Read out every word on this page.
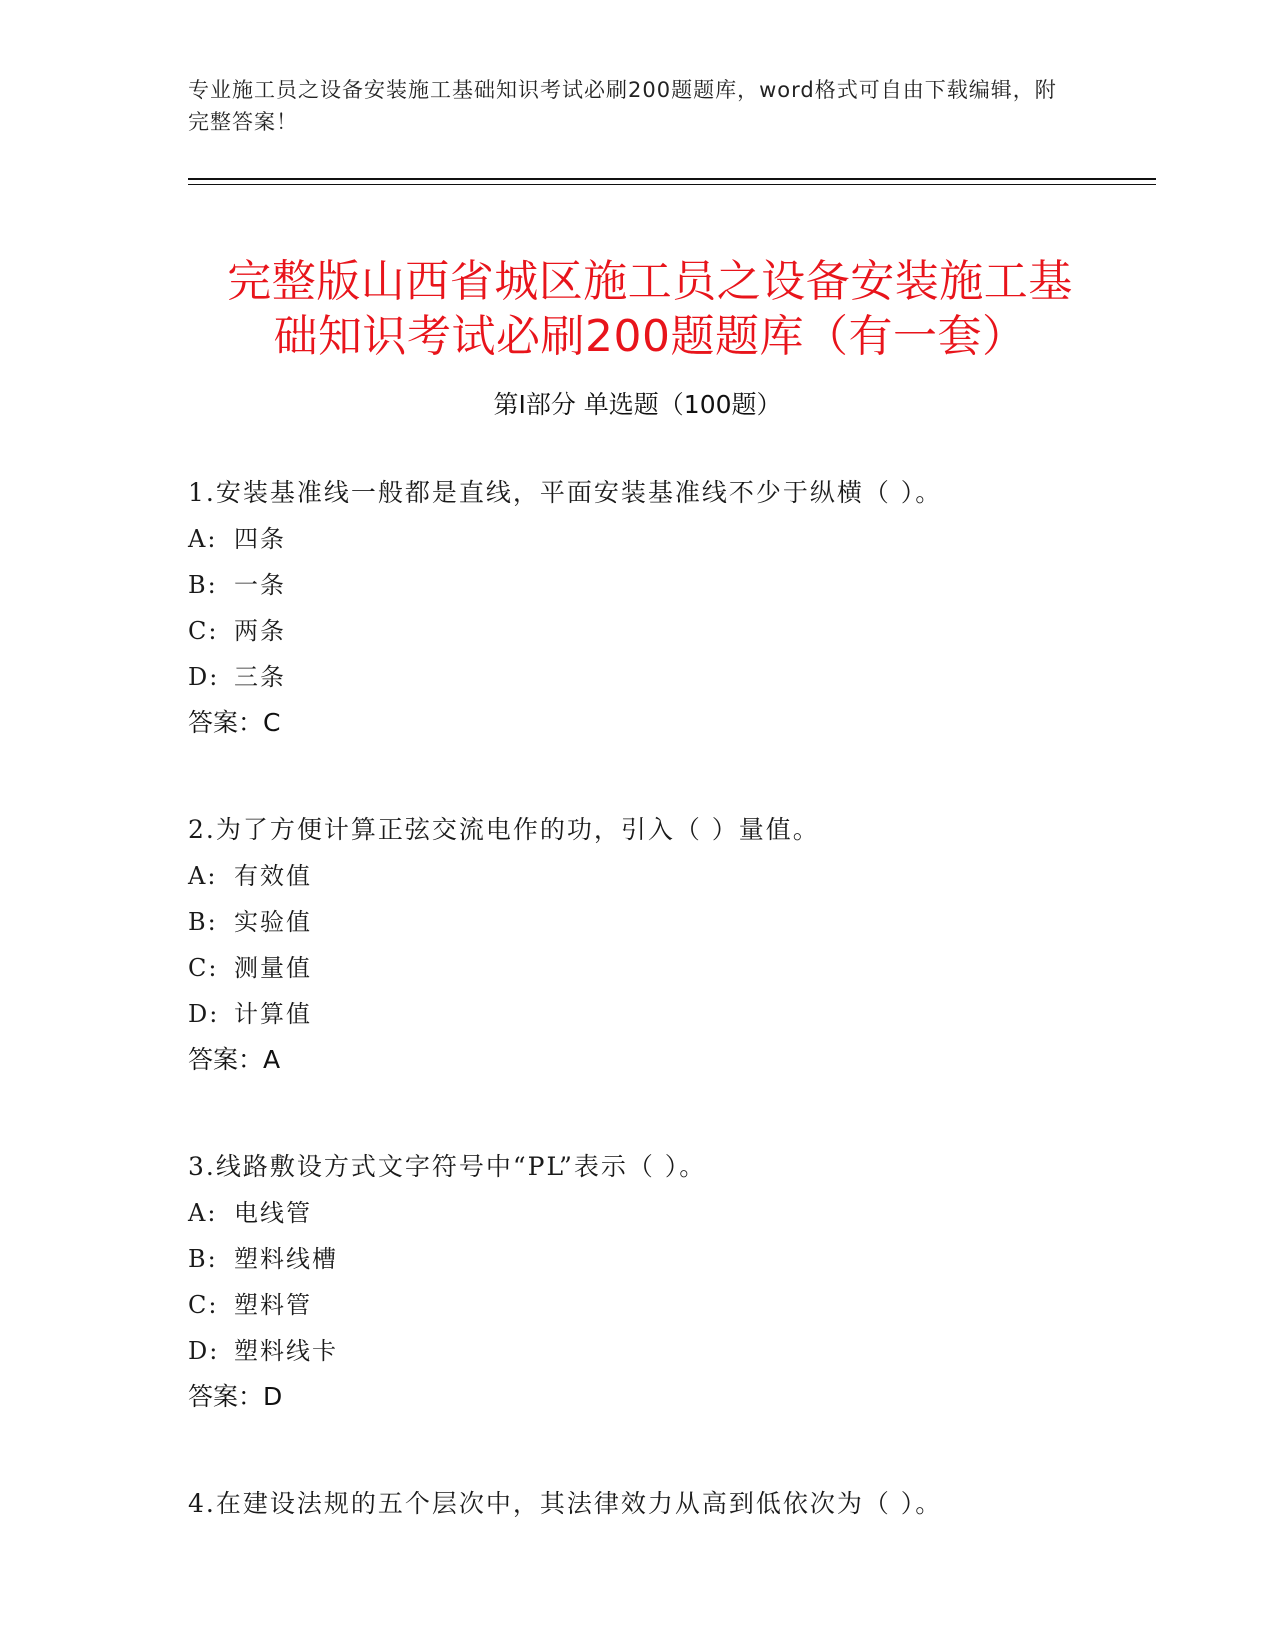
专业施工员之设备安装施工基础知识考试必刷200题题库，word格式可自由下载编辑，附完整答案！
完整版山西省城区施工员之设备安装施工基
础知识考试必刷200题题库（有一套）
第Ⅰ部分 单选题（100题）
1.安装基准线一般都是直线，平面安装基准线不少于纵横（ ）。
A: 四条
B: 一条
C: 两条
D: 三条
答案：C
2.为了方便计算正弦交流电作的功，引入（ ）量值。
A: 有效值
B: 实验值
C: 测量值
D: 计算值
答案：A
3.线路敷设方式文字符号中“PL”表示（ ）。
A: 电线管
B: 塑料线槽
C: 塑料管
D: 塑料线卡
答案：D
4.在建设法规的五个层次中，其法律效力从高到低依次为（ ）。
